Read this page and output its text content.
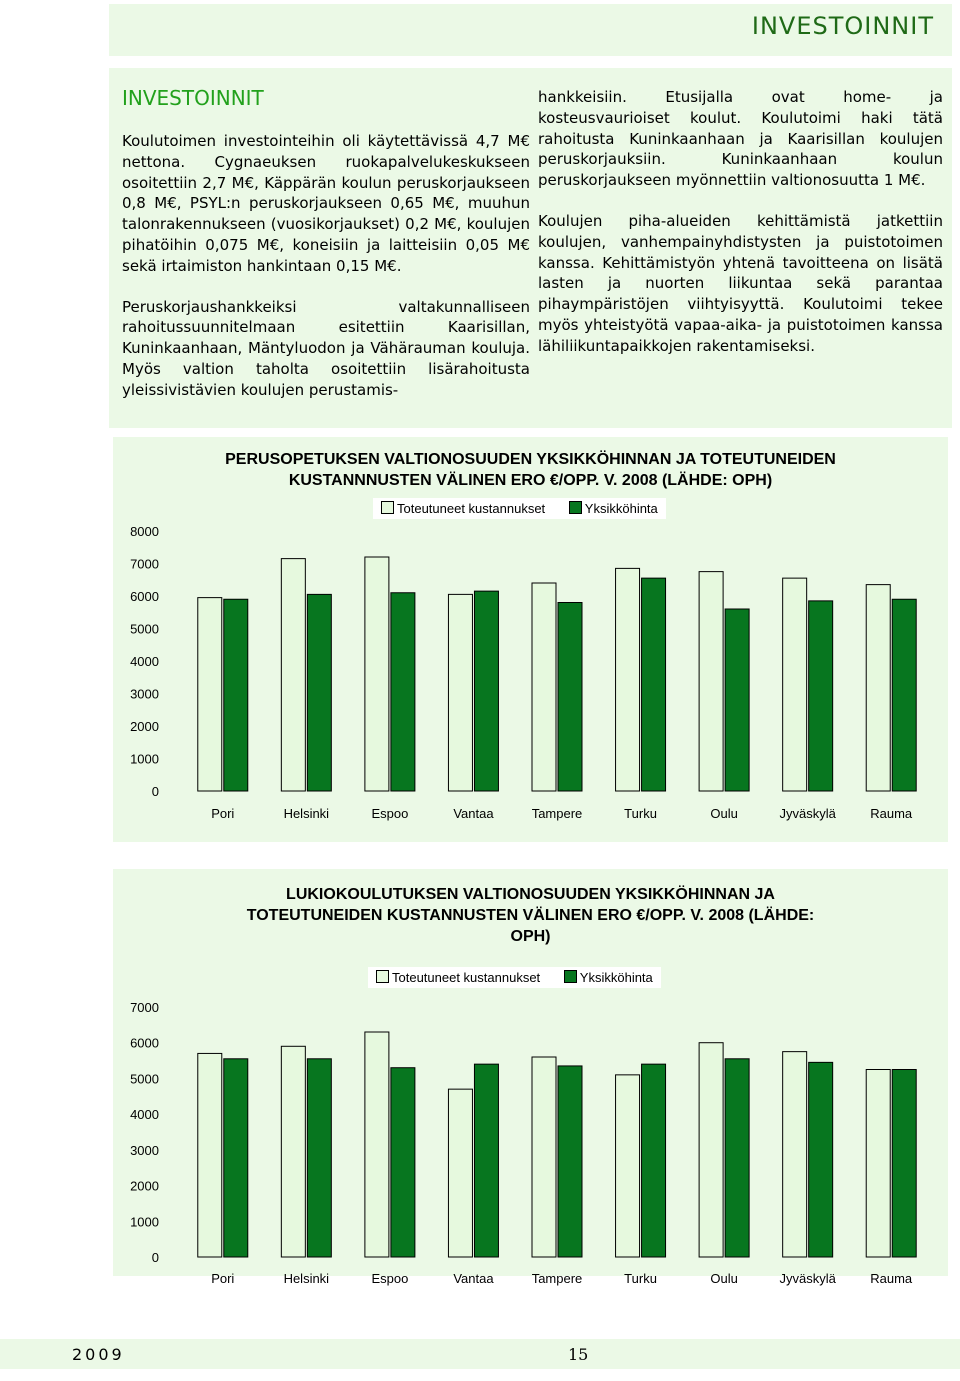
INVESTOINNIT
INVESTOINNIT

Koulutoimen investointeihin oli käytettävissä 4,7 M€ nettona. Cygnaeuksen ruokapalvelukeskukseen osoitettiin 2,7 M€, Käppärän koulun peruskorjaukseen 0,8 M€, PSYL:n peruskorjaukseen 0,65 M€, muuhun talonrakennukseen (vuosikorjaukset) 0,2 M€, koulujen pihatöihin 0,075 M€, koneisiin ja laitteisiin 0,05 M€ sekä irtaimiston hankintaan 0,15 M€.

Peruskorjaushankkeiksi valtakunnalliseen rahoitussuunnitelmaan esitettiin Kaarisillan, Kuninkaanhaan, Mäntyluodon ja Vähärauman kouluja. Myös valtion taholta osoitettiin lisärahoitusta yleissivistävien koulujen perustamis-

hankkeisiin. Etusijalla ovat home- ja kosteusvaurioiset koulut. Koulutoimi haki tätä rahoitusta Kuninkaanhaan ja Kaarisillan koulujen peruskorjauksiin. Kuninkaanhaan koulun peruskorjaukseen myönnettiin valtionosuutta 1 M€.

Koulujen piha-alueiden kehittämistä jatkettiin koulujen, vanhempainyhdistysten ja puistotoimen kanssa. Kehittämistyön yhtenä tavoitteena on lisätä lasten ja nuorten liikuntaa sekä parantaa pihaympäristöjen viihtyisyyttä. Koulutoimi tekee myös yhteistyötä vapaa-aika- ja puistotoimen kanssa lähiliikuntapaikkojen rakentamiseksi.

PERUSOPETUKSEN VALTIONOSUUDEN YKSIKKÖHINNAN JA TOTEUTUNEIDEN
KUSTANNNUSTEN VÄLINEN ERO €/OPP. V. 2008 (LÄHDE: OPH)
Toteutuneet kustannukset	Yksikköhinta
0
1000
2000
3000
4000
5000
6000
7000
8000
Pori	Helsinki	Espoo	Vantaa	Tampere	Turku	Oulu	Jyväskylä	Rauma
LUKIOKOULUTUKSEN VALTIONOSUUDEN YKSIKKÖHINNAN JA
TOTEUTUNEIDEN KUSTANNUSTEN VÄLINEN ERO €/OPP. V. 2008 (LÄHDE:
OPH)
Toteutuneet kustannukset	Yksikköhinta
0
1000
2000
3000
4000
5000
6000
7000
Pori	Helsinki	Espoo	Vantaa	Tampere	Turku	Oulu	Jyväskylä	Rauma
2009	15
